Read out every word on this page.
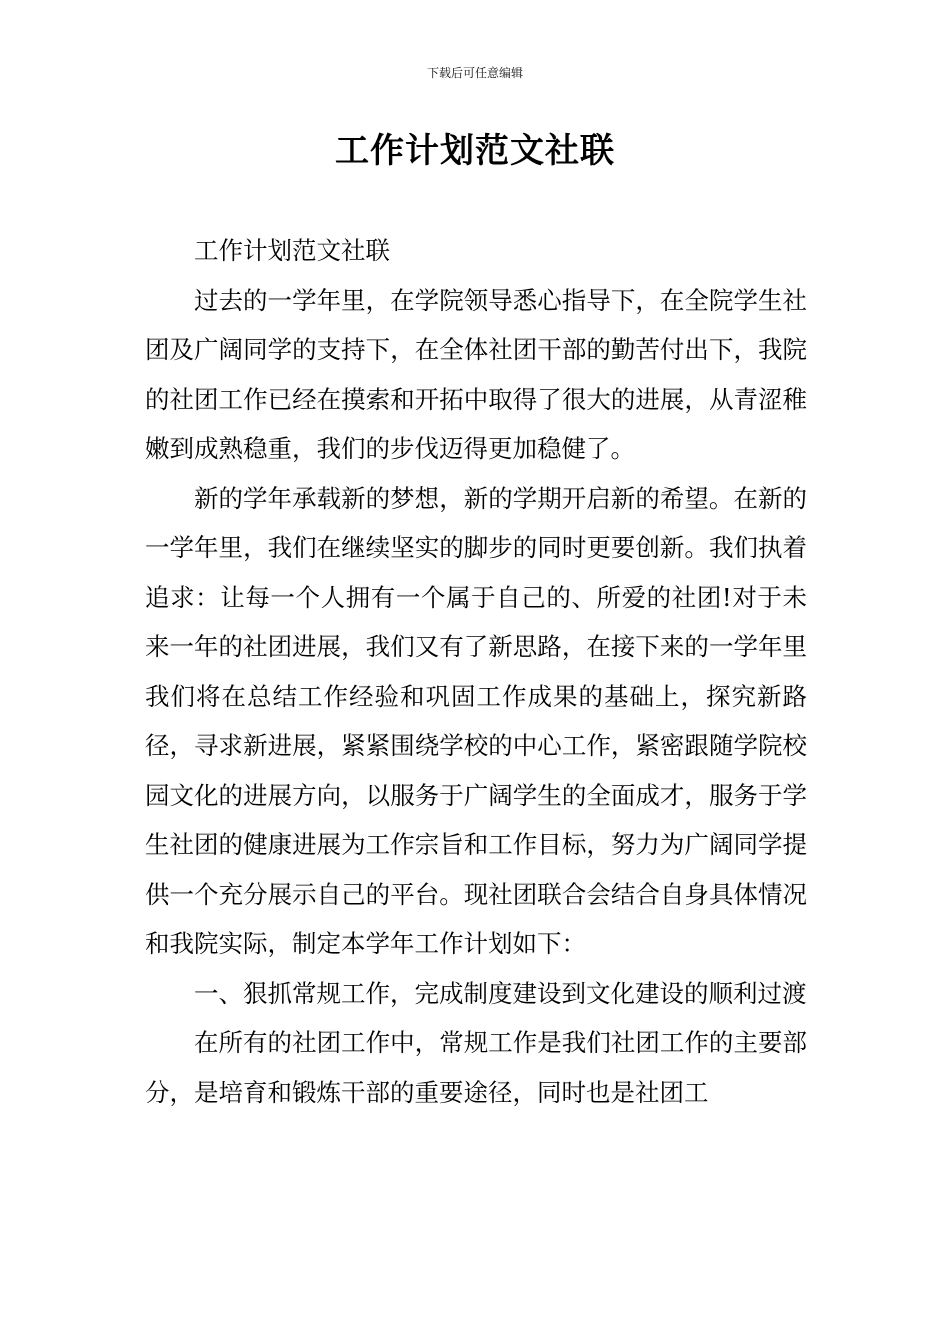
下载后可任意编辑
工作计划范文社联

工作计划范文社联

过去的一学年里，在学院领导悉心指导下，在全院学生社团及广阔同学的支持下，在全体社团干部的勤苦付出下，我院的社团工作已经在摸索和开拓中取得了很大的进展，从青涩稚嫩到成熟稳重，我们的步伐迈得更加稳健了。

新的学年承载新的梦想，新的学期开启新的希望。在新的一学年里，我们在继续坚实的脚步的同时更要创新。我们执着追求：让每一个人拥有一个属于自己的、所爱的社团!对于未来一年的社团进展，我们又有了新思路，在接下来的一学年里我们将在总结工作经验和巩固工作成果的基础上，探究新路径，寻求新进展，紧紧围绕学校的中心工作，紧密跟随学院校园文化的进展方向，以服务于广阔学生的全面成才，服务于学生社团的健康进展为工作宗旨和工作目标，努力为广阔同学提供一个充分展示自己的平台。现社团联合会结合自身具体情况和我院实际，制定本学年工作计划如下：

一、狠抓常规工作，完成制度建设到文化建设的顺利过渡

在所有的社团工作中，常规工作是我们社团工作的主要部分，是培育和锻炼干部的重要途径，同时也是社团工
